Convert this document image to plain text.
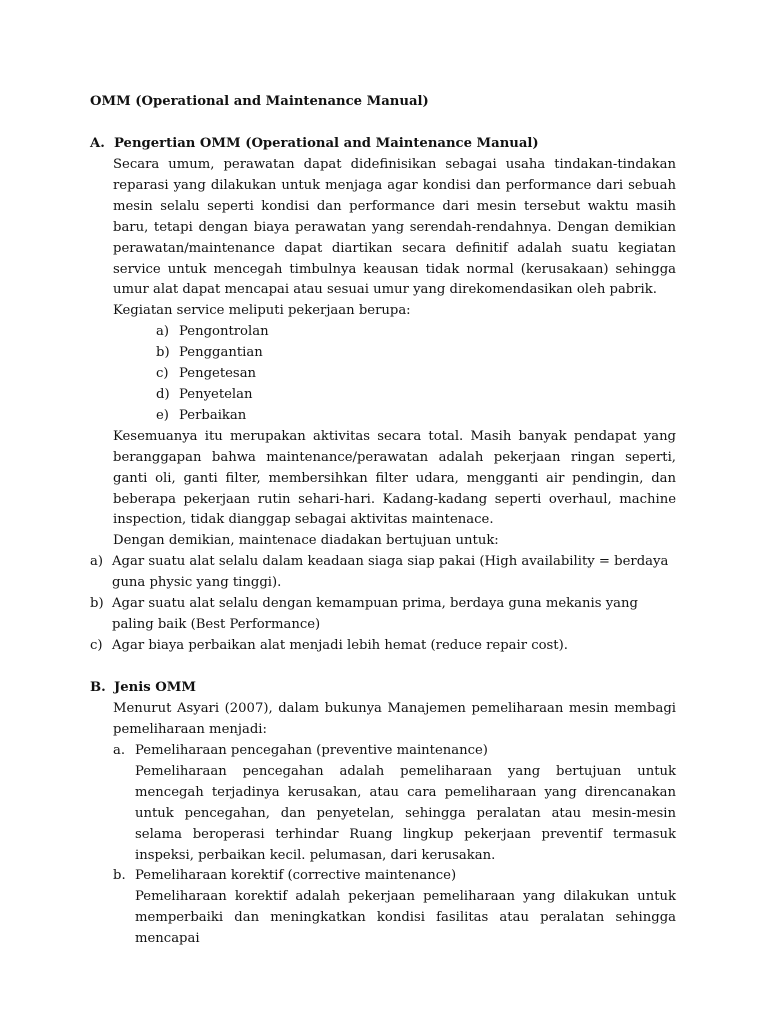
OMM (Operational and Maintenance Manual)
A. Pengertian OMM (Operational and Maintenance Manual)

Secara umum, perawatan dapat didefinisikan sebagai usaha tindakan-tindakan reparasi yang dilakukan untuk menjaga agar kondisi dan performance dari sebuah mesin selalu seperti kondisi dan performance dari mesin tersebut waktu masih baru, tetapi dengan biaya perawatan yang serendah-rendahnya. Dengan demikian perawatan/maintenance dapat diartikan secara definitif adalah suatu kegiatan service untuk mencegah timbulnya keausan tidak normal (kerusakaan) sehingga umur alat dapat mencapai atau sesuai umur yang direkomendasikan oleh pabrik.

Kegiatan service meliputi pekerjaan berupa:

a) Pengontrolan
b) Penggantian
c) Pengetesan
d) Penyetelan
e) Perbaikan

Kesemuanya itu merupakan aktivitas secara total. Masih banyak pendapat yang beranggapan bahwa maintenance/perawatan adalah pekerjaan ringan seperti, ganti oli, ganti filter, membersihkan filter udara, mengganti air pendingin, dan beberapa pekerjaan rutin sehari-hari. Kadang-kadang seperti overhaul, machine inspection, tidak dianggap sebagai aktivitas maintenace.

Dengan demikian, maintenace diadakan bertujuan untuk:

a) Agar suatu alat selalu dalam keadaan siaga siap pakai (High availability = berdaya guna physic yang tinggi).
b) Agar suatu alat selalu dengan kemampuan prima, berdaya guna mekanis yang paling baik (Best Performance)
c) Agar biaya perbaikan alat menjadi lebih hemat (reduce repair cost).
B. Jenis OMM

Menurut Asyari (2007), dalam bukunya Manajemen pemeliharaan mesin membagi pemeliharaan menjadi:

a. Pemeliharaan pencegahan (preventive maintenance)

Pemeliharaan pencegahan adalah pemeliharaan yang bertujuan untuk mencegah terjadinya kerusakan, atau cara pemeliharaan yang direncanakan untuk pencegahan, dan penyetelan, sehingga peralatan atau mesin-mesin selama beroperasi terhindar Ruang lingkup pekerjaan preventif termasuk inspeksi, perbaikan kecil. pelumasan, dari kerusakan.

b. Pemeliharaan korektif (corrective maintenance)

Pemeliharaan korektif adalah pekerjaan pemeliharaan yang dilakukan untuk memperbaiki dan meningkatkan kondisi fasilitas atau peralatan sehingga mencapai
